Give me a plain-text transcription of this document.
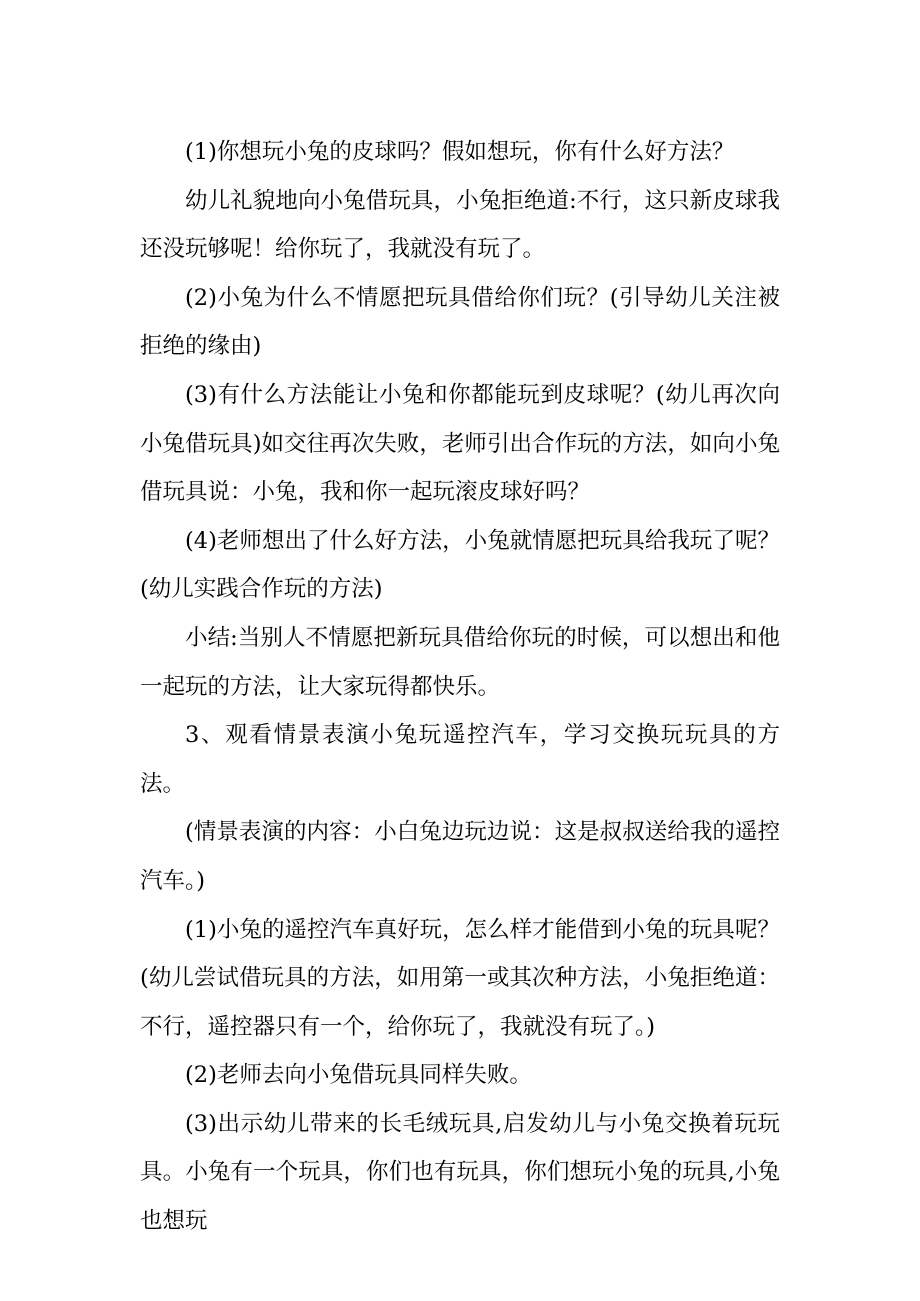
(1)你想玩小兔的皮球吗？假如想玩，你有什么好方法？

幼儿礼貌地向小兔借玩具，小兔拒绝道:不行，这只新皮球我还没玩够呢！给你玩了，我就没有玩了。

(2)小兔为什么不情愿把玩具借给你们玩？(引导幼儿关注被拒绝的缘由)

(3)有什么方法能让小兔和你都能玩到皮球呢？(幼儿再次向小兔借玩具)如交往再次失败，老师引出合作玩的方法，如向小兔借玩具说：小兔，我和你一起玩滚皮球好吗？

(4)老师想出了什么好方法，小兔就情愿把玩具给我玩了呢？(幼儿实践合作玩的方法)

小结:当别人不情愿把新玩具借给你玩的时候，可以想出和他一起玩的方法，让大家玩得都快乐。

3、观看情景表演小兔玩遥控汽车，学习交换玩玩具的方法。

(情景表演的内容：小白兔边玩边说：这是叔叔送给我的遥控汽车。)

(1)小兔的遥控汽车真好玩，怎么样才能借到小兔的玩具呢？(幼儿尝试借玩具的方法，如用第一或其次种方法，小兔拒绝道：不行，遥控器只有一个，给你玩了，我就没有玩了。)

(2)老师去向小兔借玩具同样失败。

(3)出示幼儿带来的长毛绒玩具,启发幼儿与小兔交换着玩玩具。小兔有一个玩具，你们也有玩具，你们想玩小兔的玩具,小兔也想玩
